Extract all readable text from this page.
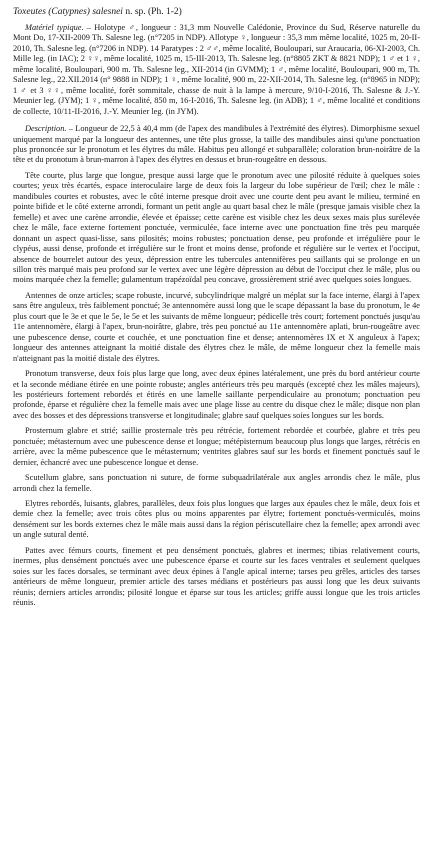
Toxeutes (Catypnes) salesnei n. sp. (Ph. 1-2)

Matériel typique. – Holotype ♂, longueur : 31,3 mm Nouvelle Calédonie, Province du Sud, Réserve naturelle du Mont Do, 17-XII-2009 Th. Salesne leg. (n°7205 in NDP). Allotype ♀, longueur : 35,3 mm même localité, 1025 m, 20-II-2010, Th. Salesne leg. (n°7206 in NDP). 14 Paratypes : 2 ♂♂, même localité, Bouloupari, sur Araucaria, 06-XI-2003, Ch. Mille leg. (in IAC); 2 ♀♀, même localité, 1025 m, 15-III-2013, Th. Salesne leg. (n°8805 ZKT & 8821 NDP); 1 ♂ et 1 ♀, même localité, Bouloupari, 900 m. Th. Salesne leg., XII-2014 (in GVMM); 1 ♂, même localité, Bouloupari, 900 m, Th. Salesne leg., 22.XII.2014 (n° 9888 in NDP); 1 ♀, même localité, 900 m, 22-XII-2014, Th. Salesne leg. (n°8965 in NDP); 1 ♂ et 3 ♀♀, même localité, forêt sommitale, chasse de nuit à la lampe à mercure, 9/10-I-2016, Th. Salesne & J.-Y. Meunier leg. (JYM); 1 ♀, même localité, 850 m, 16-I-2016, Th. Salesne leg. (in ADB); 1 ♂, même localité et conditions de collecte, 10/11-II-2016, J.-Y. Meunier leg. (in JYM).

Description. – Longueur de 22,5 à 40,4 mm (de l'apex des mandibules à l'extrémité des élytres). Dimorphisme sexuel uniquement marqué par la longueur des antennes, une tête plus grosse, la taille des mandibules ainsi qu'une ponctuation plus prononcée sur le pronotum et les élytres du mâle. Habitus peu allongé et subparallèle; coloration brun-noirâtre de la tête et du pronotum à brun-marron à l'apex des élytres en dessus et brun-rougeâtre en dessous.

Tête courte, plus large que longue, presque aussi large que le pronotum avec une pilosité réduite à quelques soies courtes; yeux très écartés, espace interoculaire large de deux fois la largeur du lobe supérieur de l'œil; chez le mâle : mandibules courtes et robustes, avec le côté interne presque droit avec une courte dent peu avant le milieu, terminé en pointe bifide et le côté externe arrondi, formant un petit angle au quart basal chez le mâle (presque jamais visible chez la femelle) et avec une carène arrondie, élevée et épaisse; cette carène est visible chez les deux sexes mais plus surélevée chez le mâle, face externe fortement ponctuée, vermiculée, face interne avec une ponctuation fine très peu marquée donnant un aspect quasi-lisse, sans pilosités; moins robustes; ponctuation dense, peu profonde et irrégulière pour le clypéus, aussi dense, profonde et irrégulière sur le front et moins dense, profonde et régulière sur le vertex et l'occiput, absence de bourrelet autour des yeux, dépression entre les tubercules antennifères peu saillants qui se prolonge en un sillon très marqué mais peu profond sur le vertex avec une légère dépression au début de l'occiput chez le mâle, plus ou moins marquée chez la femelle; gulamentum trapézoïdal peu concave, grossièrement strié avec quelques soies longues.

Antennes de onze articles; scape robuste, incurvé, subcylindrique malgré un méplat sur la face interne, élargi à l'apex sans être anguleux, très faiblement ponctué; 3e antennomère aussi long que le scape dépassant la base du pronotum, le 4e plus court que le 3e et que le 5e, le 5e et les suivants de même longueur; pédicelle très court; fortement ponctués jusqu'au 11e antennomère, élargi à l'apex, brun-noirâtre, glabre, très peu ponctué au 11e antennomère aplati, brun-rougeâtre avec une pubescence dense, courte et couchée, et une ponctuation fine et dense; antennomères IX et X anguleux à l'apex; longueur des antennes atteignant la moitié distale des élytres chez le mâle, de même longueur chez la femelle mais n'atteignant pas la moitié distale des élytres.

Pronotum transverse, deux fois plus large que long, avec deux épines latéralement, une près du bord antérieur courte et la seconde médiane étirée en une pointe robuste; angles antérieurs très peu marqués (excepté chez les mâles majeurs), les postérieurs fortement rebordés et étirés en une lamelle saillante perpendiculaire au pronotum; ponctuation peu profonde, éparse et régulière chez la femelle mais avec une plage lisse au centre du disque chez le mâle; disque non plan avec des bosses et des dépressions transverse et longitudinale; glabre sauf quelques soies longues sur les bords.

Prosternum glabre et strié; saillie prosternale très peu rétrécie, fortement rebordée et courbée, glabre et très peu ponctuée; métasternum avec une pubescence dense et longue; métépisternum beaucoup plus longs que larges, rétrécis en arrière, avec la même pubescence que le métasternum; ventrites glabres sauf sur les bords et finement ponctués sauf le dernier, échancré avec une pubescence longue et dense.

Scutellum glabre, sans ponctuation ni suture, de forme subquadrilatérale aux angles arrondis chez le mâle, plus arrondi chez la femelle.

Elytres rebordés, luisants, glabres, parallèles, deux fois plus longues que larges aux épaules chez le mâle, deux fois et demie chez la femelle; avec trois côtes plus ou moins apparentes par élytre; fortement ponctués-vermiculés, moins densément sur les bords externes chez le mâle mais aussi dans la région périscutellaire chez la femelle; apex arrondi avec un angle sutural denté.

Pattes avec fémurs courts, finement et peu densément ponctués, glabres et inermes; tibias relativement courts, inermes, plus densément ponctués avec une pubescence éparse et courte sur les faces ventrales et seulement quelques soies sur les faces dorsales, se terminant avec deux épines à l'angle apical interne; tarses peu grêles, articles des tarses antérieurs de même longueur, premier article des tarses médians et postérieurs pas aussi long que les deux suivants réunis; derniers articles arrondis; pilosité longue et éparse sur tous les articles; griffe aussi longue que les trois articles réunis.
